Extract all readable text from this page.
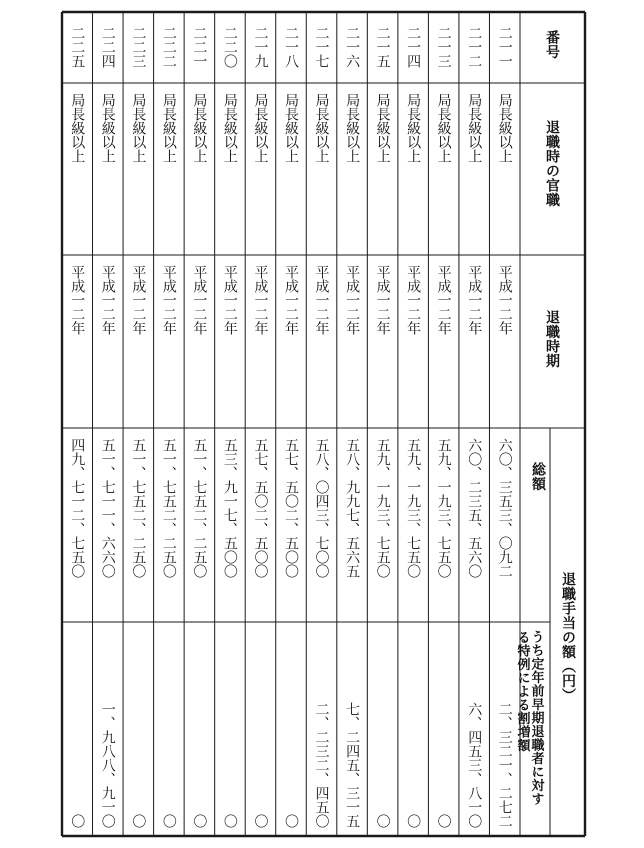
番号
退職時の官職
退職時期
総額
退職手当の額（円）
うち定年前早期退職者に対す る特例による割増額
二一一
局長級以上
平成一二年
六〇、三五三、〇九二
二、三二一、二七二
二一二
局長級以上
平成一二年
六〇、二三五、五六〇
六、四五三、八一〇
二一三
局長級以上
平成一二年
五九、一九三、七五〇
〇
二一四
局長級以上
平成一二年
五九、一九三、七五〇
〇
二一五
局長級以上
平成一二年
五九、一九三、七五〇
〇
二一六
局長級以上
平成一二年
五八、九九七、五六五
七、二四五、三一五
二一七
局長級以上
平成一二年
五八、〇四三、七〇〇
二、二三二、四五〇
二一八
局長級以上
平成一二年
五七、五〇二、五〇〇
〇
二一九
局長級以上
平成一二年
五七、五〇二、五〇〇
〇
二二〇
局長級以上
平成一二年
五三、九一七、五〇〇
〇
二二一
局長級以上
平成一二年
五一、七五二、二五〇
〇
二二二
局長級以上
平成一二年
五一、七五二、二五〇
〇
二二三
局長級以上
平成一二年
五一、七五二、二五〇
〇
二二四
局長級以上
平成一二年
五一、七一一、六六〇
一、九八八、九一〇
二二五
局長級以上
平成一二年
四九、七一二、七五〇
〇
